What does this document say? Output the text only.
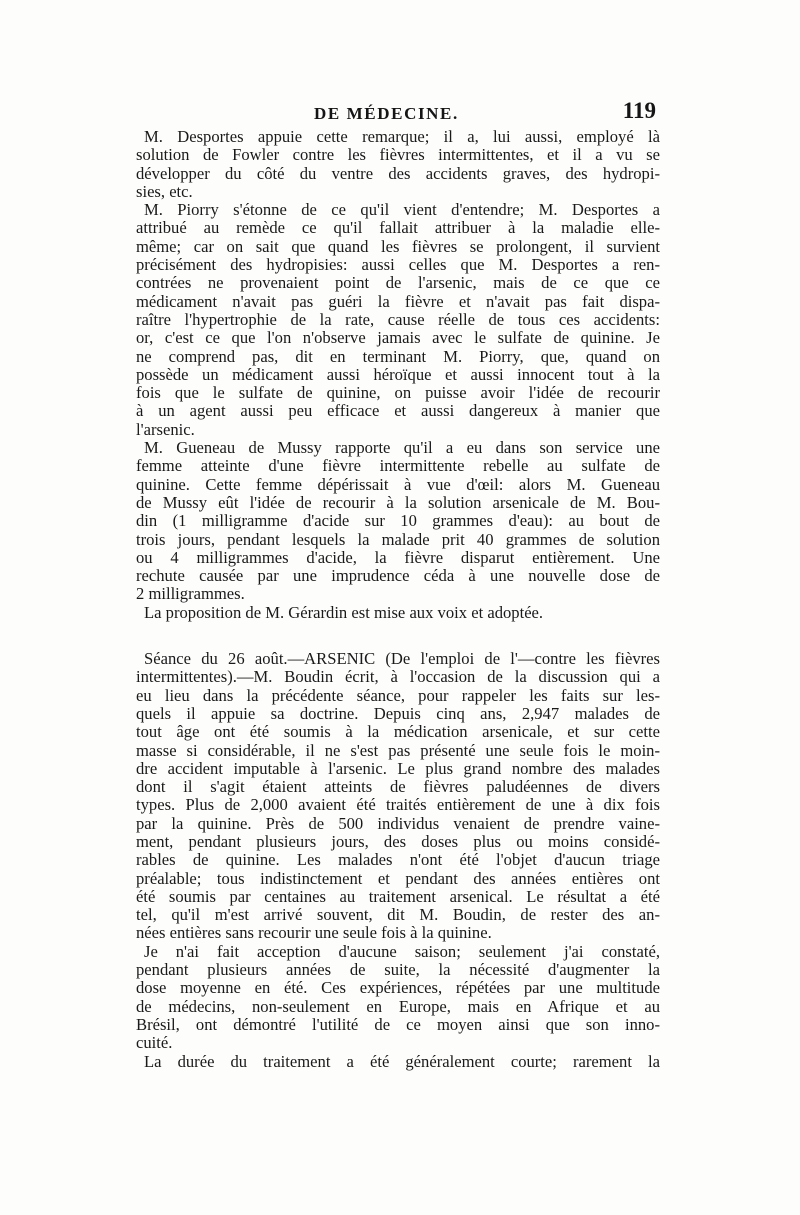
DE MÉDECINE.	119
M. Desportes appuie cette remarque; il a, lui aussi, employé là
solution de Fowler contre les fièvres intermittentes, et il a vu se
développer du côté du ventre des accidents graves, des hydropi-
sies, etc.
M. Piorry s'étonne de ce qu'il vient d'entendre; M. Desportes a
attribué au remède ce qu'il fallait attribuer à la maladie elle-
même; car on sait que quand les fièvres se prolongent, il survient
précisément des hydropisies: aussi celles que M. Desportes a ren-
contrées ne provenaient point de l'arsenic, mais de ce que ce
médicament n'avait pas guéri la fièvre et n'avait pas fait dispa-
raître l'hypertrophie de la rate, cause réelle de tous ces accidents:
or, c'est ce que l'on n'observe jamais avec le sulfate de quinine. Je
ne comprend pas, dit en terminant M. Piorry, que, quand on
possède un médicament aussi héroïque et aussi innocent tout à la
fois que le sulfate de quinine, on puisse avoir l'idée de recourir
à un agent aussi peu efficace et aussi dangereux à manier que
l'arsenic.
M. Gueneau de Mussy rapporte qu'il a eu dans son service une
femme atteinte d'une fièvre intermittente rebelle au sulfate de
quinine. Cette femme dépérissait à vue d'œil: alors M. Gueneau
de Mussy eût l'idée de recourir à la solution arsenicale de M. Bou-
din (1 milligramme d'acide sur 10 grammes d'eau): au bout de
trois jours, pendant lesquels la malade prit 40 grammes de solution
ou 4 milligrammes d'acide, la fièvre disparut entièrement. Une
rechute causée par une imprudence céda à une nouvelle dose de
2 milligrammes.
La proposition de M. Gérardin est mise aux voix et adoptée.
Séance du 26 août.—ARSENIC (De l'emploi de l'—contre les fièvres
intermittentes).—M. Boudin écrit, à l'occasion de la discussion qui a
eu lieu dans la précédente séance, pour rappeler les faits sur les-
quels il appuie sa doctrine. Depuis cinq ans, 2,947 malades de
tout âge ont été soumis à la médication arsenicale, et sur cette
masse si considérable, il ne s'est pas présenté une seule fois le moin-
dre accident imputable à l'arsenic. Le plus grand nombre des malades
dont il s'agit étaient atteints de fièvres paludéennes de divers
types. Plus de 2,000 avaient été traités entièrement de une à dix fois
par la quinine. Près de 500 individus venaient de prendre vaine-
ment, pendant plusieurs jours, des doses plus ou moins considé-
rables de quinine. Les malades n'ont été l'objet d'aucun triage
préalable; tous indistinctement et pendant des années entières ont
été soumis par centaines au traitement arsenical. Le résultat a été
tel, qu'il m'est arrivé souvent, dit M. Boudin, de rester des an-
nées entières sans recourir une seule fois à la quinine.
Je n'ai fait acception d'aucune saison; seulement j'ai constaté,
pendant plusieurs années de suite, la nécessité d'augmenter la
dose moyenne en été. Ces expériences, répétées par une multitude
de médecins, non-seulement en Europe, mais en Afrique et au
Brésil, ont démontré l'utilité de ce moyen ainsi que son inno-
cuité.
La durée du traitement a été généralement courte; rarement la
